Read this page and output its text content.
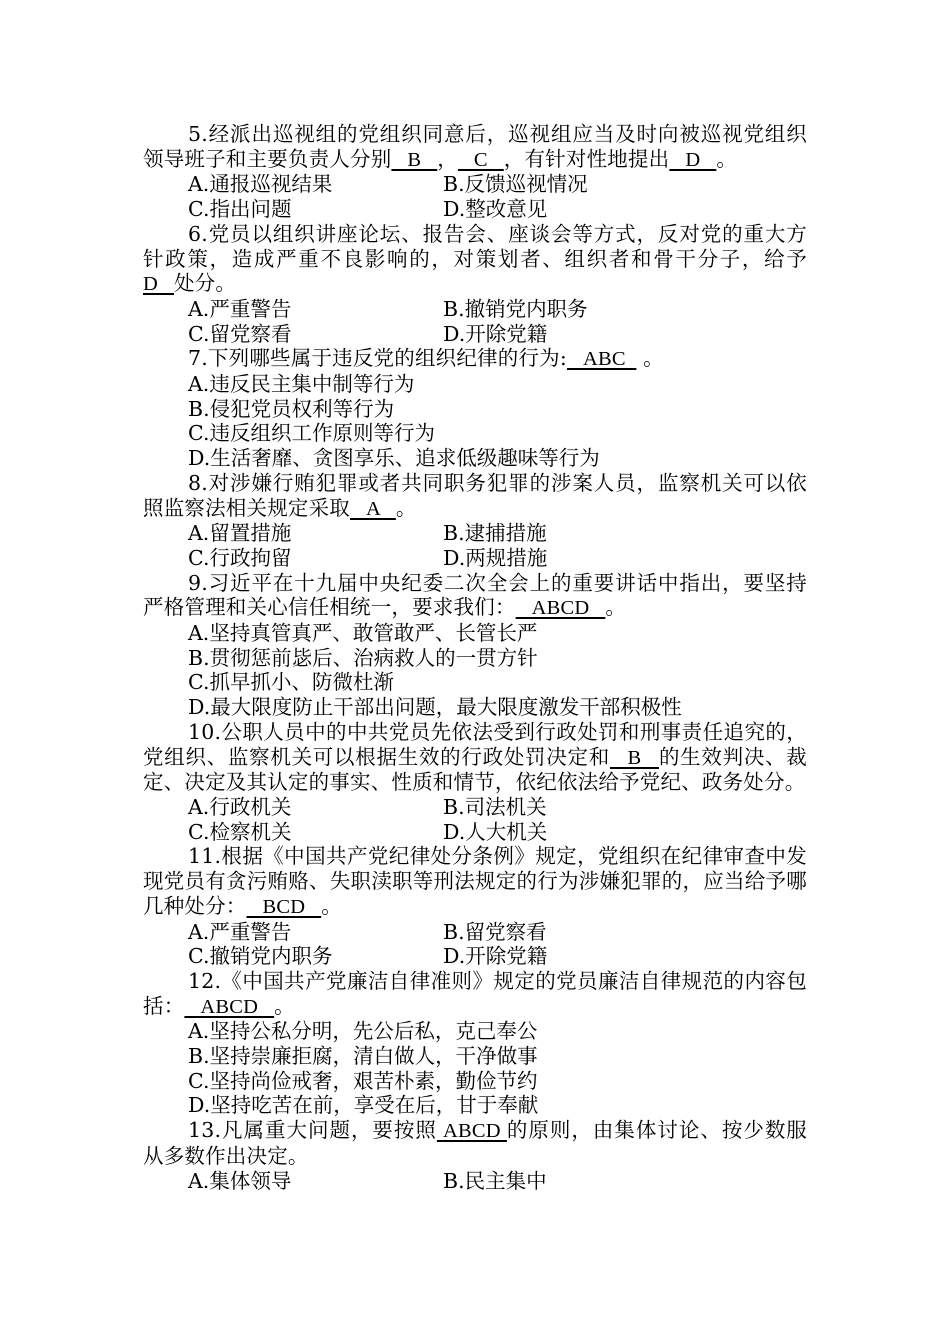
5.经派出巡视组的党组织同意后，巡视组应当及时向被巡视党组织领导班子和主要负责人分别   B   ，   C   ，有针对性地提出   D   。

A.通报巡视结果	B.反馈巡视情况
C.指出问题	D.整改意见

6.党员以组织讲座论坛、报告会、座谈会等方式，反对党的重大方针政策，造成严重不良影响的，对策划者、组织者和骨干分子，给予D   处分。

A.严重警告	B.撤销党内职务
C.留党察看	D.开除党籍

7.下列哪些属于违反党的组织纪律的行为:   ABC   。

A.违反民主集中制等行为
B.侵犯党员权利等行为
C.违反组织工作原则等行为
D.生活奢靡、贪图享乐、追求低级趣味等行为

8.对涉嫌行贿犯罪或者共同职务犯罪的涉案人员，监察机关可以依照监察法相关规定采取   A   。

A.留置措施	B.逮捕措施
C.行政拘留	D.两规措施

9.习近平在十九届中央纪委二次全会上的重要讲话中指出，要坚持严格管理和关心信任相统一，要求我们：   ABCD   。

A.坚持真管真严、敢管敢严、长管长严
B.贯彻惩前毖后、治病救人的一贯方针
C.抓早抓小、防微杜渐
D.最大限度防止干部出问题，最大限度激发干部积极性

10.公职人员中的中共党员先依法受到行政处罚和刑事责任追究的，党组织、监察机关可以根据生效的行政处罚决定和   B   的生效判决、裁定、决定及其认定的事实、性质和情节，依纪依法给予党纪、政务处分。

A.行政机关	B.司法机关
C.检察机关	D.人大机关

11.根据《中国共产党纪律处分条例》规定，党组织在纪律审查中发现党员有贪污贿赂、失职渎职等刑法规定的行为涉嫌犯罪的，应当给予哪几种处分：   BCD   。

A.严重警告	B.留党察看
C.撤销党内职务	D.开除党籍

12.《中国共产党廉洁自律准则》规定的党员廉洁自律规范的内容包括：   ABCD   。

A.坚持公私分明，先公后私，克己奉公
B.坚持崇廉拒腐，清白做人，干净做事
C.坚持尚俭戒奢，艰苦朴素，勤俭节约
D.坚持吃苦在前，享受在后，甘于奉献

13.凡属重大问题，要按照 ABCD 的原则，由集体讨论、按少数服从多数作出决定。

A.集体领导	B.民主集中
